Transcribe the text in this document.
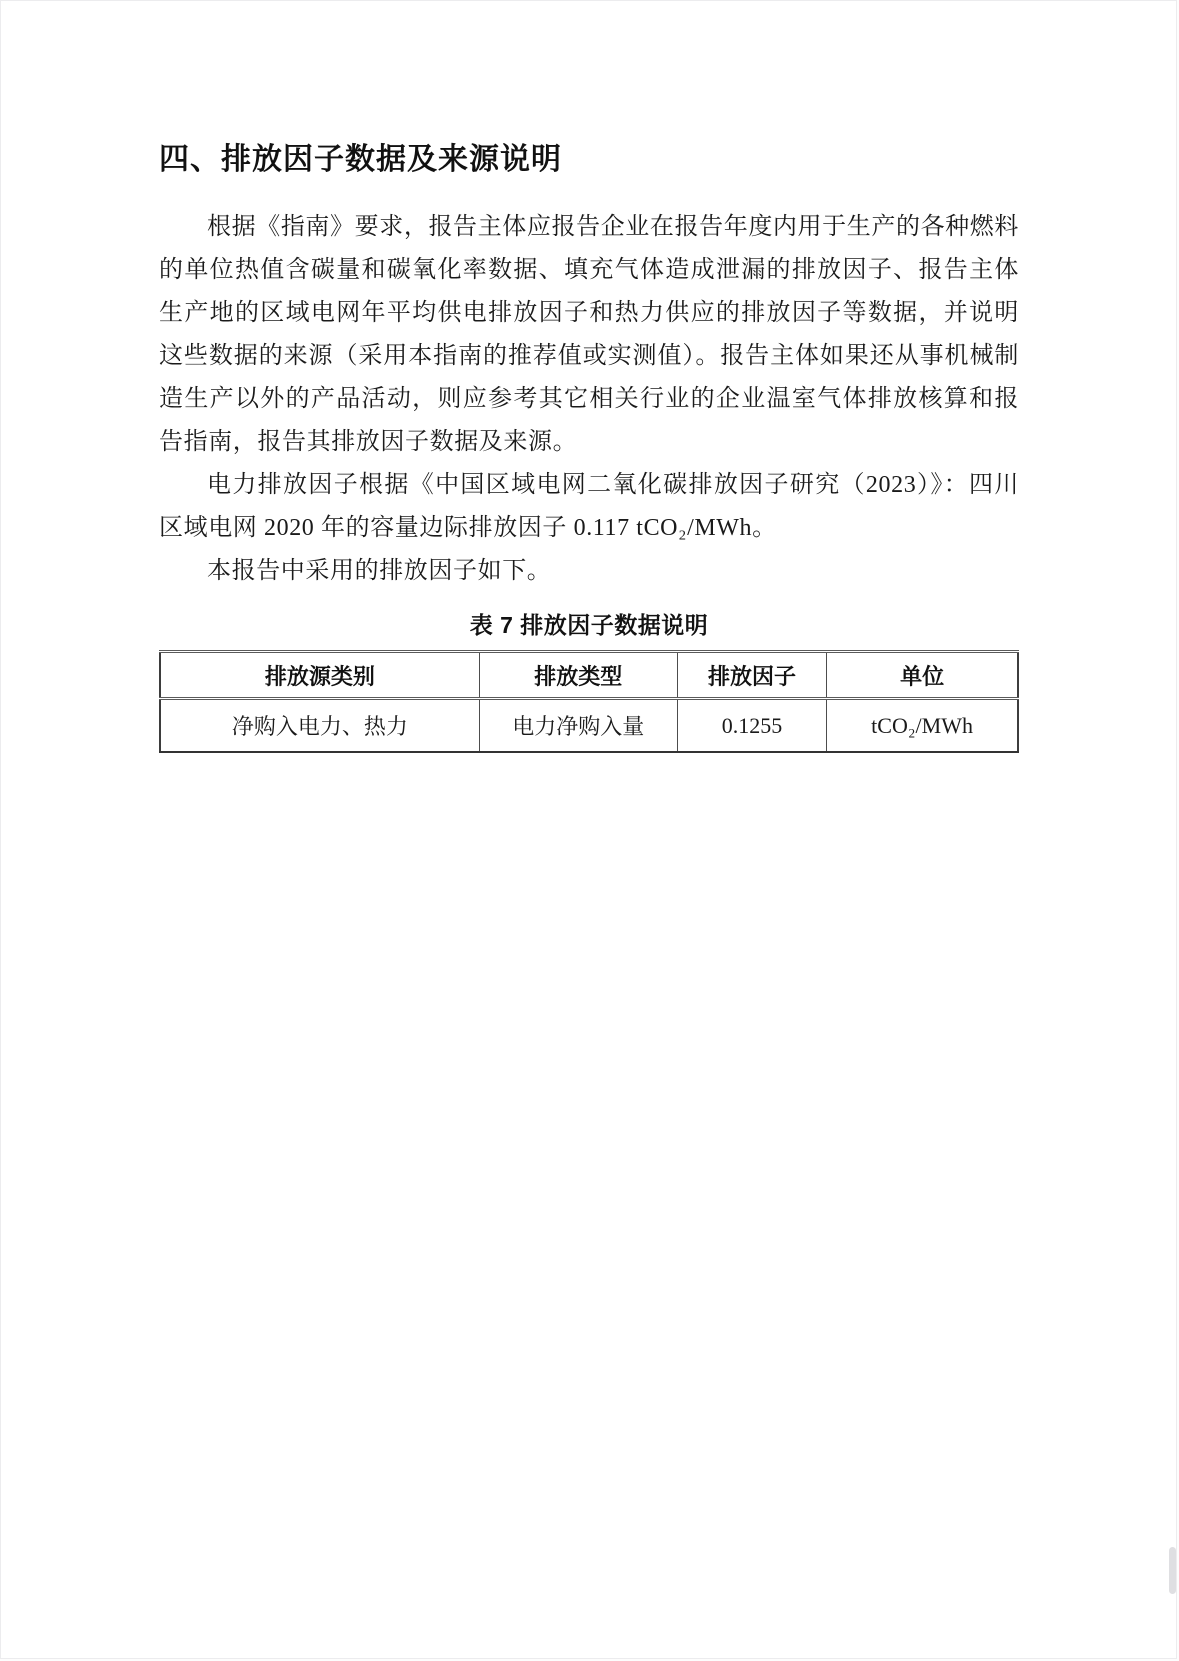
四、排放因子数据及来源说明

根据《指南》要求，报告主体应报告企业在报告年度内用于生产的各种燃料的单位热值含碳量和碳氧化率数据、填充气体造成泄漏的排放因子、报告主体生产地的区域电网年平均供电排放因子和热力供应的排放因子等数据，并说明这些数据的来源（采用本指南的推荐值或实测值）。报告主体如果还从事机械制造生产以外的产品活动，则应参考其它相关行业的企业温室气体排放核算和报告指南，报告其排放因子数据及来源。

电力排放因子根据《中国区域电网二氧化碳排放因子研究（2023）》：四川区域电网 2020 年的容量边际排放因子 0.117 tCO₂/MWh。

本报告中采用的排放因子如下。

表 7 排放因子数据说明

排放源类别	排放类型	排放因子	单位
净购入电力、热力	电力净购入量	0.1255	tCO₂/MWh
